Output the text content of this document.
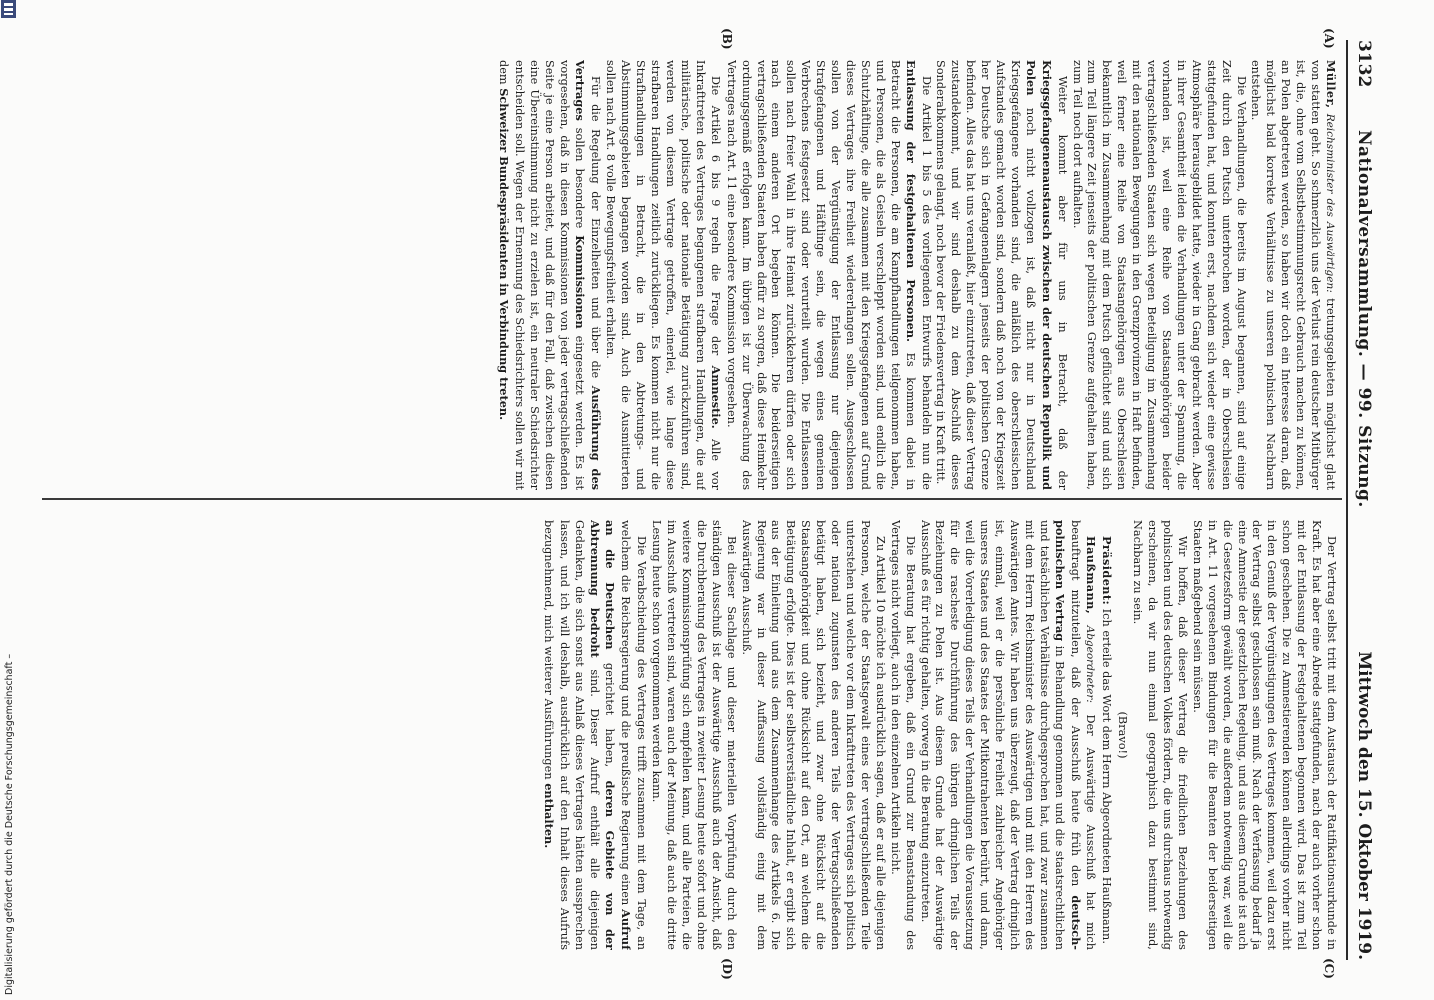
3132
Nationalversammlung. — 99. Sitzung.
Mittwoch den 15. Oktober 1919.
(A)
(B)
(C)
(D)

Müller, Reichsminister des Auswärtigen: tretungsgebieten möglichst glatt von statten geht. So schmerzlich uns der Verlust rein deutscher Mitbürger ist, die, ohne vom Selbstbestimmungsrecht Gebrauch machen zu können, an Polen abgetreten werden, so haben wir doch ein Interesse daran, daß möglichst bald korrekte Verhältnisse zu unseren polnischen Nachbarn entstehen.

Die Verhandlungen, die bereits im August begannen, sind auf einige Zeit durch den Putsch unterbrochen worden, der in Oberschlesien stattgefunden hat, und konnten erst, nachdem sich wieder eine gewisse Atmosphäre herausgebildet hatte, wieder in Gang gebracht werden. Aber in ihrer Gesamtheit leiden die Verhandlungen unter der Spannung, die vorhanden ist, weil eine Reihe von Staatsangehörigen beider vertragschließenden Staaten sich wegen Beteiligung im Zusammenhang mit den nationalen Bewegungen in den Grenzprovinzen in Haft befinden, weil ferner eine Reihe von Staatsangehörigen aus Oberschlesien bekanntlich im Zusammenhang mit dem Putsch geflüchtet sind und sich zum Teil längere Zeit jenseits der politischen Grenze aufgehalten haben, zum Teil noch dort aufhalten.

Weiter kommt aber für uns in Betracht, daß der Kriegsgefangenenaustausch zwischen der deutschen Republik und Polen noch nicht vollzogen ist, daß nicht nur in Deutschland Kriegsgefangene vorhanden sind, die anläßlich des oberschlesischen Aufstandes gemacht worden sind, sondern daß noch von der Kriegszeit her Deutsche sich in Gefangenenlagern jenseits der politischen Grenze befinden. Alles das hat uns veranlaßt, hier einzutreten, daß dieser Vertrag zustandekommt, und wir sind deshalb zu dem Abschluß dieses Sonderabkommens gelangt, noch bevor der Friedensvertrag in Kraft tritt.

Die Artikel 1 bis 5 des vorliegenden Entwurfs behandeln nun die Entlassung der festgehaltenen Personen. Es kommen dabei in Betracht die Personen, die am Kampfhandlungen teilgenommen haben, und Personen, die als Geiseln verschleppt worden sind, und endlich die Schutzhäftlinge, die alle zusammen mit den Kriegsgefangenen auf Grund dieses Vertrages ihre Freiheit wiedererlangen sollen. Ausgeschlossen sollen von der Vergünstigung der Entlassung nur diejenigen Strafgefangenen und Häftlinge sein, die wegen eines gemeinen Verbrechens festgesetzt sind oder verurteilt wurden. Die Entlassenen sollen nach freier Wahl in ihre Heimat zurückkehren dürfen oder sich nach einem anderen Ort begeben können. Die beiderseitigen vertragschließenden Staaten haben dafür zu sorgen, daß diese Heimkehr ordnungsgemäß erfolgen kann. Im übrigen ist zur Überwachung des Vertrages nach Art. 11 eine besondere Kommission vorgesehen.

Die Artikel 6 bis 9 regeln die Frage der Amnestie. Alle vor Inkrafttreten des Vertrages begangenen strafbaren Handlungen, die auf militärische, politische oder nationale Betätigung zurückzuführen sind, werden von diesem Vertrage getroffen, einerlei, wie lange diese strafbaren Handlungen zeitlich zurückliegen. Es kommen nicht nur die Strafhandlungen in Betracht, die in den Abtretungs- und Abstimmungsgebieten begangen worden sind. Auch die Ausmittierten sollen nach Art. 8 volle Bewegungsfreiheit erhalten.

Für die Regelung der Einzelheiten und über die Ausführung des Vertrages sollen besondere Kommissionen eingesetzt werden. Es ist vorgesehen, daß in diesen Kommissionen von jeder vertragschließenden Seite je eine Person arbeitet, und daß für den Fall, daß zwischen diesen eine Übereinstimmung nicht zu erzielen ist, ein neutraler Schiedsrichter entscheiden soll. Wegen der Ernennung des Schiedsrichters sollen wir mit dem Schweizer Bundespräsidenten in Verbindung treten.

Der Vertrag selbst tritt mit dem Austausch der Ratifikationsurkunde in Kraft. Es hat aber eine Abrede stattgefunden, nach der auch vorher schon mit der Entlassung der Festgehaltenen begonnen wird. Das ist zum Teil schon geschehen. Die zu Amnestierenden können allerdings vorher nicht in den Genuß der Vergünstigungen des Vertrages kommen, weil dazu erst der Vertrag selbst geschlossen sein muß. Nach der Verfassung bedarf ja eine Amnestie der gesetzlichen Regelung, und aus diesem Grunde ist auch die Gesetzesform gewählt worden, die außerdem notwendig war, weil die in Art. 11 vorgesehenen Bindungen für die Beamten der beiderseitigen Staaten maßgebend sein müssen.

Wir hoffen, daß dieser Vertrag die friedlichen Beziehungen des polnischen und des deutschen Volkes fördern, die uns durchaus notwendig erscheinen, da wir nun einmal geographisch dazu bestimmt sind, Nachbarn zu sein.

(Bravo!)

Präsident: Ich erteile das Wort dem Herrn Abgeordneten Haußmann.

Haußmann, Abgeordneter: Der Auswärtige Ausschuß hat mich beauftragt mitzuteilen, daß der Ausschuß heute früh den deutsch-polnischen Vertrag in Behandlung genommen und die staatsrechtlichen und tatsächlichen Verhältnisse durchgesprochen hat, und zwar zusammen mit dem Herrn Reichsminister des Auswärtigen und mit den Herren des Auswärtigen Amtes. Wir haben uns überzeugt, daß der Vertrag dringlich ist, einmal, weil er die persönliche Freiheit zahlreicher Angehöriger unseres Staates und des Staates der Mitkontrahenten berührt, und dann, weil die Vorerledigung dieses Teils der Verhandlungen die Voraussetzung für die rascheste Durchführung des übrigen dringlichen Teils der Beziehungen zu Polen ist. Aus diesem Grunde hat der Auswärtige Ausschuß es für richtig gehalten, vorweg in die Beratung einzutreten.

Die Beratung hat ergeben, daß ein Grund zur Beanstandung des Vertrages nicht vorliegt, auch in den einzelnen Artikeln nicht.

Zu Artikel 10 möchte ich ausdrücklich sagen, daß er auf alle diejenigen Personen, welche der Staatsgewalt eines der vertragschließenden Teile unterstehen und welche vor dem Inkrafttreten des Vertrages sich politisch oder national zugunsten des anderen Teils der Vertragschließenden betätigt haben, sich bezieht, und zwar ohne Rücksicht auf die Staatsangehörigkeit und ohne Rücksicht auf den Ort, an welchem die Betätigung erfolgte. Dies ist der selbstverständliche Inhalt, er ergibt sich aus der Einleitung und aus dem Zusammenhange des Artikels 6. Die Regierung war in dieser Auffassung vollständig einig mit dem Auswärtigen Ausschuß.

Bei dieser Sachlage und dieser materiellen Vorprüfung durch den ständigen Ausschuß ist der Auswärtige Ausschuß auch der Ansicht, daß die Durchberatung des Vertrages in zweiter Lesung heute sofort und ohne weitere Kommissionsprüfung sich empfehlen kann, und alle Parteien, die im Ausschuß vertreten sind, waren auch der Meinung, daß auch die dritte Lesung heute schon vorgenommen werden kann.

Die Verabschiedung des Vertrages trifft zusammen mit dem Tage, an welchem die Reichsregierung und die preußische Regierung einen Aufruf an die Deutschen gerichtet haben, deren Gebiete von der Abtrennung bedroht sind. Dieser Aufruf enthält alle diejenigen Gedanken, die sich sonst aus Anlaß dieses Vertrages hätten aussprechen lassen, und ich will deshalb, ausdrücklich auf den Inhalt dieses Aufrufs bezugnehmend, mich weiterer Ausführungen enthalten.

Digitalisierung gefördert durch die Deutsche Forschungsgemeinschaft –
